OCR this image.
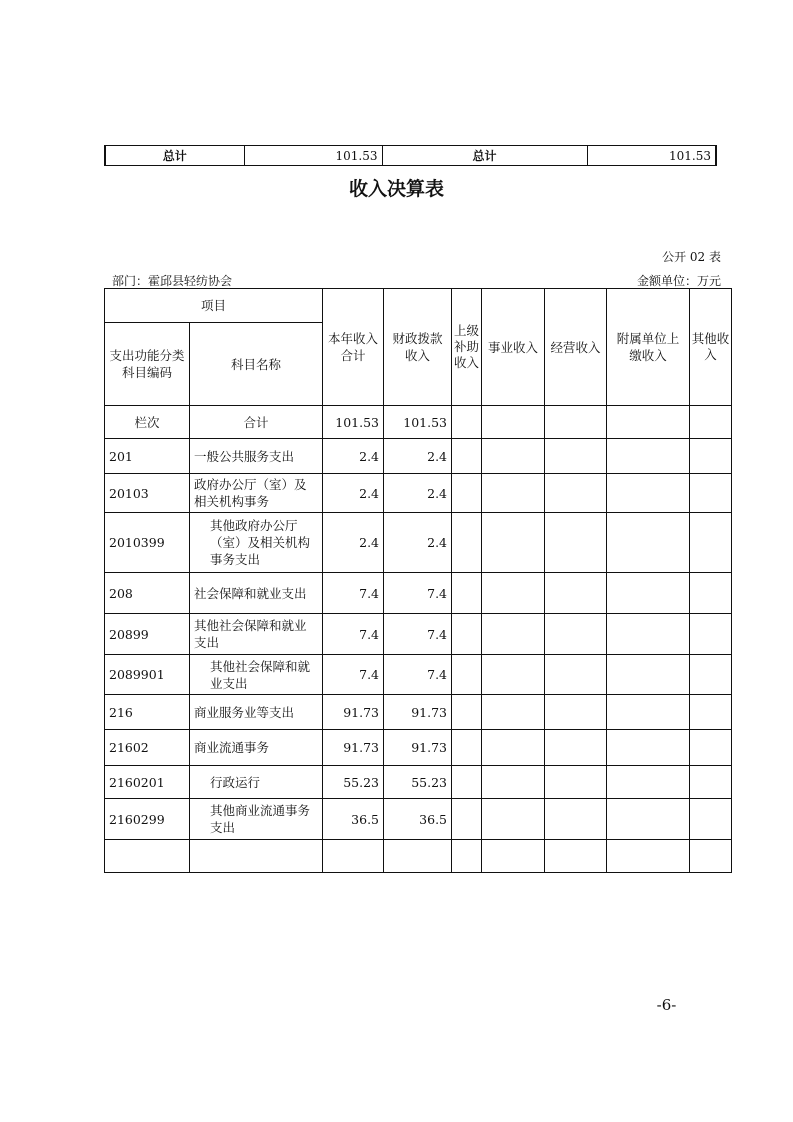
总计	101.53	总计	101.53
收入决算表
公开 02 表
部门：霍邱县轻纺协会	金额单位：万元
项目		本年收入合计	财政拨款收入	上级补助收入	事业收入	经营收入	附属单位上缴收入	其他收入
支出功能分类科目编码	科目名称							
栏次	合计	101.53	101.53					
201	一般公共服务支出	2.4	2.4					
20103	政府办公厅（室）及相关机构事务	2.4	2.4					
2010399	其他政府办公厅（室）及相关机构事务支出	2.4	2.4					
208	社会保障和就业支出	7.4	7.4					
20899	其他社会保障和就业支出	7.4	7.4					
2089901	其他社会保障和就业支出	7.4	7.4					
216	商业服务业等支出	91.73	91.73					
21602	商业流通事务	91.73	91.73					
2160201	行政运行	55.23	55.23					
2160299	其他商业流通事务支出	36.5	36.5					

-6-
